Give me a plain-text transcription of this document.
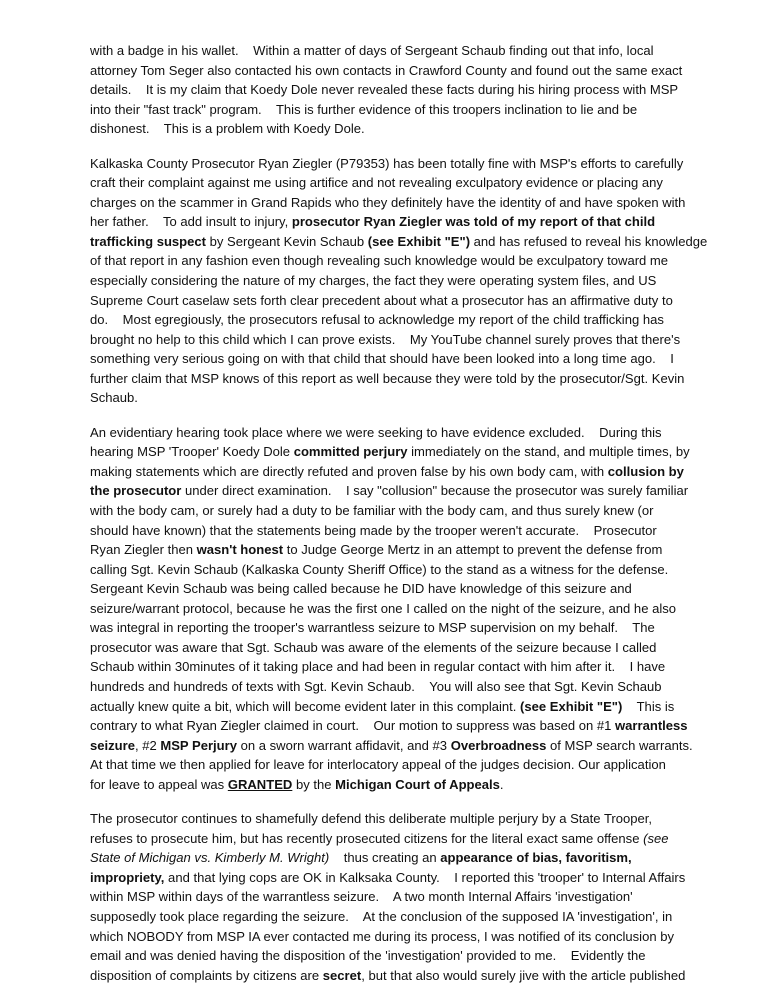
with a badge in his wallet.    Within a matter of days of Sergeant Schaub finding out that info, local
attorney Tom Seger also contacted his own contacts in Crawford County and found out the same exact
details.    It is my claim that Koedy Dole never revealed these facts during his hiring process with MSP
into their "fast track" program.    This is further evidence of this troopers inclination to lie and be
dishonest.    This is a problem with Koedy Dole.

Kalkaska County Prosecutor Ryan Ziegler (P79353) has been totally fine with MSP's efforts to carefully
craft their complaint against me using artifice and not revealing exculpatory evidence or placing any
charges on the scammer in Grand Rapids who they definitely have the identity of and have spoken with
her father.    To add insult to injury, prosecutor Ryan Ziegler was told of my report of that child
trafficking suspect by Sergeant Kevin Schaub (see Exhibit "E") and has refused to reveal his knowledge
of that report in any fashion even though revealing such knowledge would be exculpatory toward me
especially considering the nature of my charges, the fact they were operating system files, and US
Supreme Court caselaw sets forth clear precedent about what a prosecutor has an affirmative duty to
do.    Most egregiously, the prosecutors refusal to acknowledge my report of the child trafficking has
brought no help to this child which I can prove exists.    My YouTube channel surely proves that there's
something very serious going on with that child that should have been looked into a long time ago.    I
further claim that MSP knows of this report as well because they were told by the prosecutor/Sgt. Kevin
Schaub.

An evidentiary hearing took place where we were seeking to have evidence excluded.    During this
hearing MSP 'Trooper' Koedy Dole committed perjury immediately on the stand, and multiple times, by
making statements which are directly refuted and proven false by his own body cam, with collusion by
the prosecutor under direct examination.    I say "collusion" because the prosecutor was surely familiar
with the body cam, or surely had a duty to be familiar with the body cam, and thus surely knew (or
should have known) that the statements being made by the trooper weren't accurate.    Prosecutor
Ryan Ziegler then wasn't honest to Judge George Mertz in an attempt to prevent the defense from
calling Sgt. Kevin Schaub (Kalkaska County Sheriff Office) to the stand as a witness for the defense.
Sergeant Kevin Schaub was being called because he DID have knowledge of this seizure and
seizure/warrant protocol, because he was the first one I called on the night of the seizure, and he also
was integral in reporting the trooper's warrantless seizure to MSP supervision on my behalf.    The
prosecutor was aware that Sgt. Schaub was aware of the elements of the seizure because I called
Schaub within 30minutes of it taking place and had been in regular contact with him after it.    I have
hundreds and hundreds of texts with Sgt. Kevin Schaub.    You will also see that Sgt. Kevin Schaub
actually knew quite a bit, which will become evident later in this complaint. (see Exhibit "E")    This is
contrary to what Ryan Ziegler claimed in court.    Our motion to suppress was based on #1 warrantless
seizure, #2 MSP Perjury on a sworn warrant affidavit, and #3 Overbroadness of MSP search warrants.
At that time we then applied for leave for interlocatory appeal of the judges decision. Our application
for leave to appeal was GRANTED by the Michigan Court of Appeals.

The prosecutor continues to shamefully defend this deliberate multiple perjury by a State Trooper,
refuses to prosecute him, but has recently prosecuted citizens for the literal exact same offense (see
State of Michigan vs. Kimberly M. Wright)    thus creating an appearance of bias, favoritism,
impropriety, and that lying cops are OK in Kalksaka County.    I reported this 'trooper' to Internal Affairs
within MSP within days of the warrantless seizure.    A two month Internal Affairs 'investigation'
supposedly took place regarding the seizure.    At the conclusion of the supposed IA 'investigation', in
which NOBODY from MSP IA ever contacted me during its process, I was notified of its conclusion by
email and was denied having the disposition of the 'investigation' provided to me.    Evidently the
disposition of complaints by citizens are secret, but that also would surely jive with the article published
